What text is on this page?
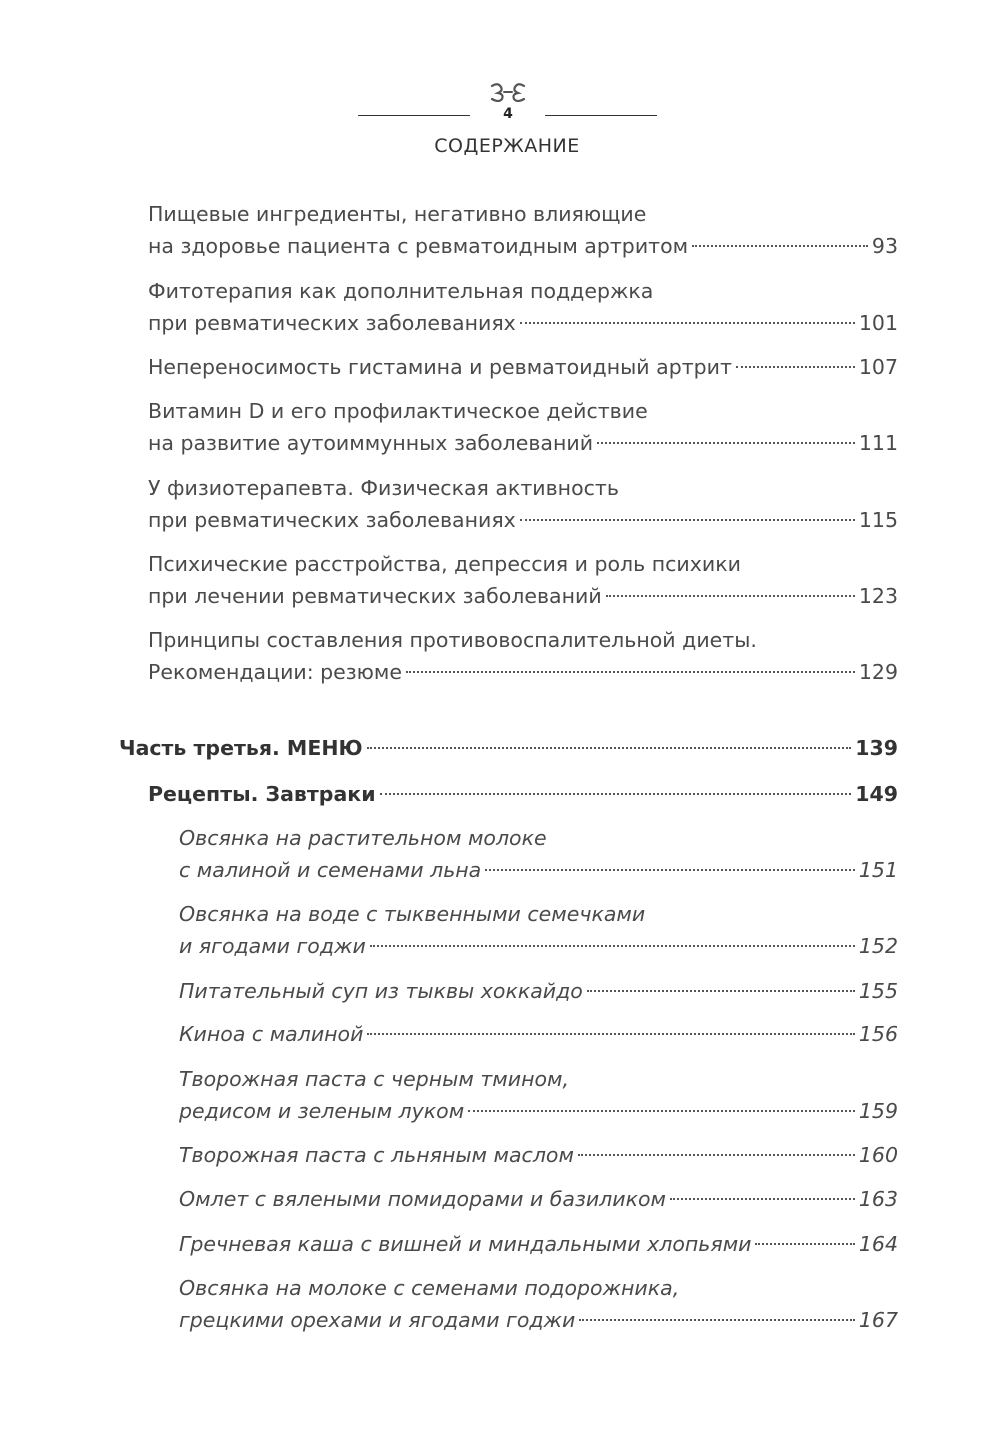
4
СОДЕРЖАНИЕ
Пищевые ингредиенты, негативно влияющие
на здоровье пациента с ревматоидным артритом	93
Фитотерапия как дополнительная поддержка
при ревматических заболеваниях	101
Непереносимость гистамина и ревматоидный артрит	107
Витамин D и его профилактическое действие
на развитие аутоиммунных заболеваний	111
У физиотерапевта. Физическая активность
при ревматических заболеваниях	115
Психические расстройства, депрессия и роль психики
при лечении ревматических заболеваний	123
Принципы составления противовоспалительной диеты.
Рекомендации: резюме	129
Часть третья. МЕНЮ	139
Рецепты. Завтраки	149
Овсянка на растительном молоке
с малиной и семенами льна	151
Овсянка на воде с тыквенными семечками
и ягодами годжи	152
Питательный суп из тыквы хоккайдо	155
Киноа с малиной	156
Творожная паста с черным тмином,
редисом и зеленым луком	159
Творожная паста с льняным маслом	160
Омлет с вялеными помидорами и базиликом	163
Гречневая каша с вишней и миндальными хлопьями	164
Овсянка на молоке с семенами подорожника,
грецкими орехами и ягодами годжи	167
